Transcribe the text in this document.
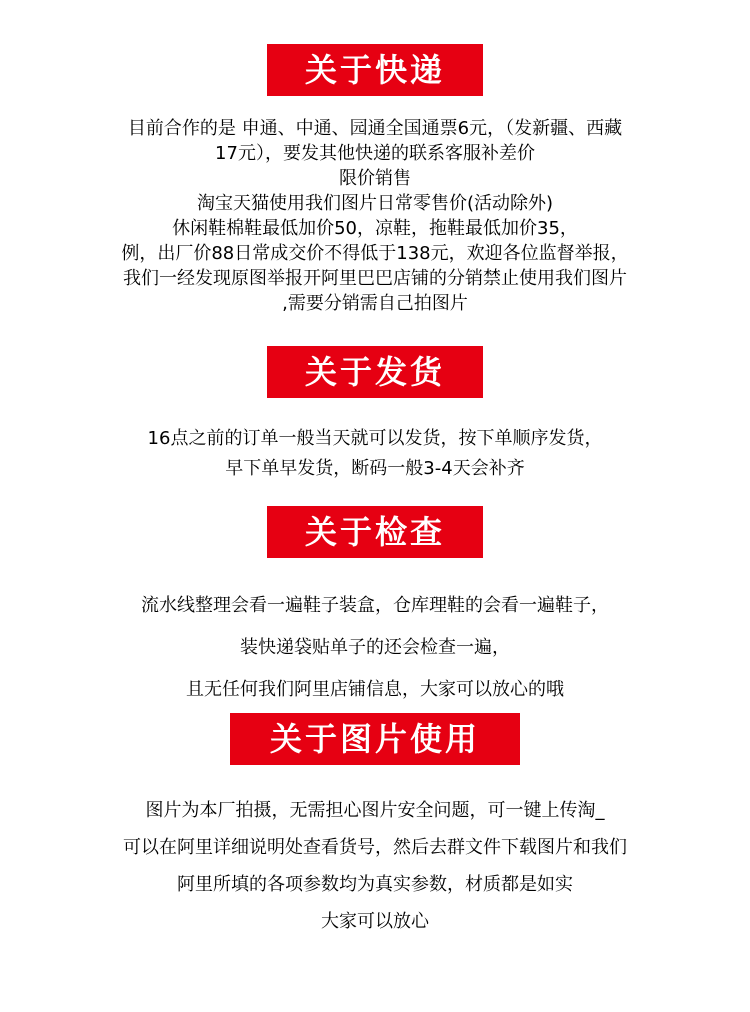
关于快递
目前合作的是 申通、中通、园通全国通票6元，（发新疆、西藏
17元），要发其他快递的联系客服补差价
限价销售
淘宝天猫使用我们图片日常零售价(活动除外)
休闲鞋棉鞋最低加价50，凉鞋，拖鞋最低加价35，
例，出厂价88日常成交价不得低于138元，欢迎各位监督举报，
我们一经发现原图举报开阿里巴巴店铺的分销禁止使用我们图片
,需要分销需自己拍图片
关于发货
16点之前的订单一般当天就可以发货，按下单顺序发货，
早下单早发货，断码一般3-4天会补齐
关于检查
流水线整理会看一遍鞋子装盒，仓库理鞋的会看一遍鞋子，
装快递袋贴单子的还会检查一遍，
且无任何我们阿里店铺信息，大家可以放心的哦
关于图片使用
图片为本厂拍摄，无需担心图片安全问题，可一键上传淘_
可以在阿里详细说明处查看货号，然后去群文件下载图片和我们
阿里所填的各项参数均为真实参数，材质都是如实
大家可以放心
